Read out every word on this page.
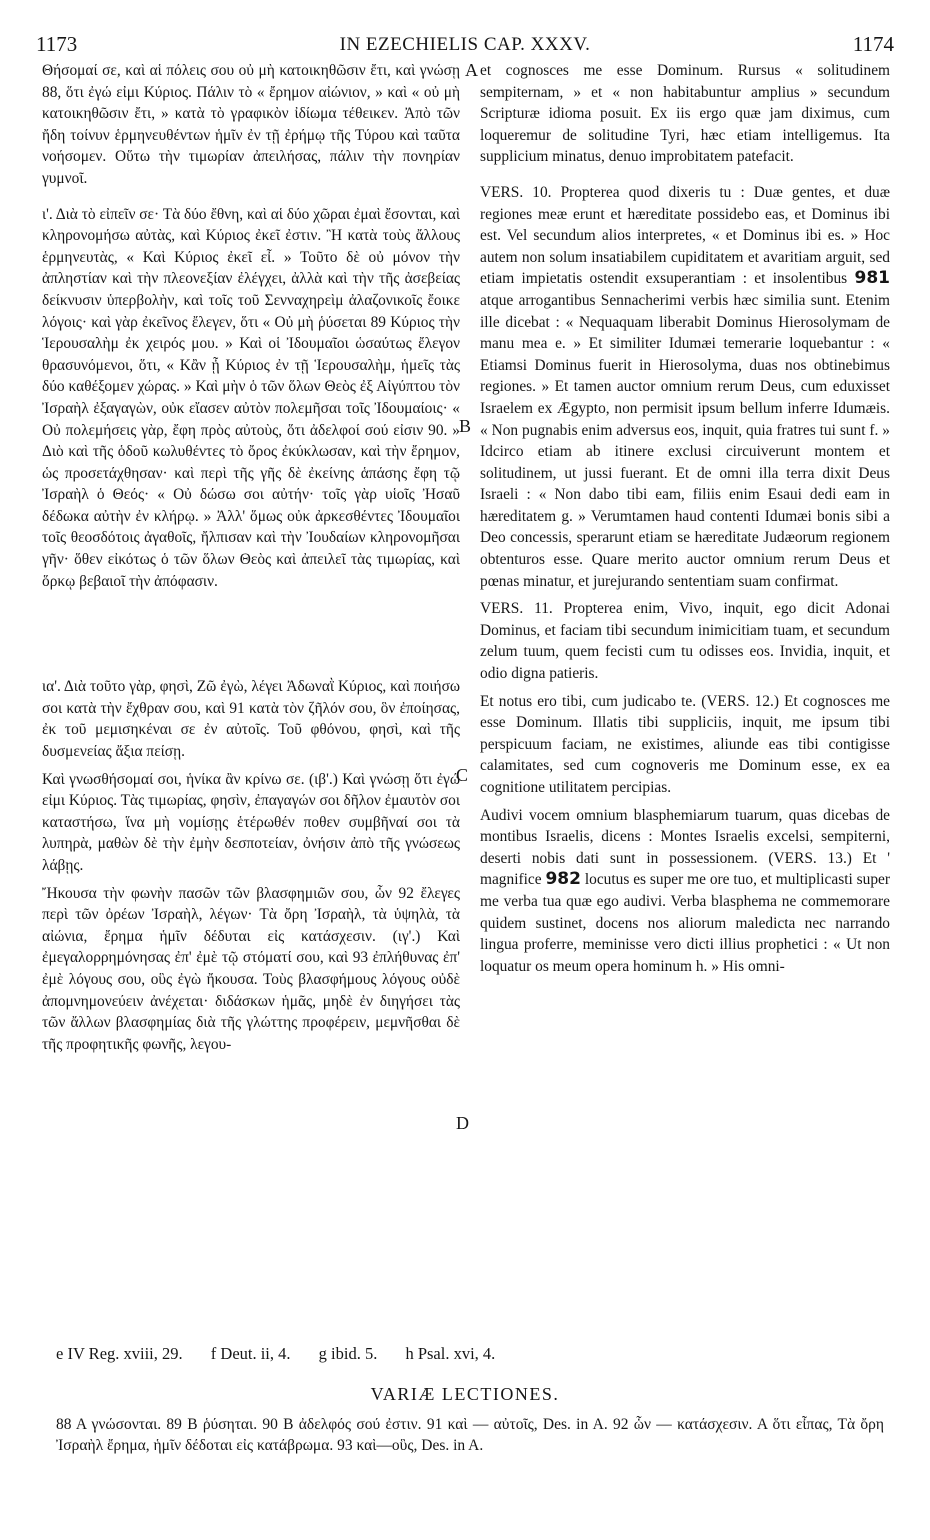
1173	IN EZECHIELIS CAP. XXXV.	1174
A
B
C
D

Θήσομαί σε, καὶ αἱ πόλεις σου οὐ μὴ κατοικηθῶσιν ἔτι, καὶ γνώσῃ 88, ὅτι ἐγώ εἰμι Κύριος. Πάλιν τὸ « ἔρημον αἰώνιον, » καὶ « οὐ μὴ κατοικηθῶσιν ἔτι, » κατὰ τὸ γραφικὸν ἰδίωμα τέθεικεν. Ἀπὸ τῶν ἤδη τοίνυν ἑρμηνευθέντων ἡμῖν ἐν τῇ ἐρήμῳ τῆς Τύρου καὶ ταῦτα νοήσομεν. Οὕτω τὴν τιμωρίαν ἀπειλήσας, πάλιν τὴν πονηρίαν γυμνοῖ.

ι'. Διὰ τὸ εἰπεῖν σε· Τὰ δύο ἔθνη, καὶ αἱ δύο χῶραι ἐμαὶ ἔσονται, καὶ κληρονομήσω αὐτὰς, καὶ Κύριος ἐκεῖ ἐστιν. Ἢ κατὰ τοὺς ἄλλους ἑρμηνευτὰς, « Καὶ Κύριος ἐκεῖ εἶ. » Τοῦτο δὲ οὐ μόνον τὴν ἀπληστίαν καὶ τὴν πλεονεξίαν ἐλέγχει, ἀλλὰ καὶ τὴν τῆς ἀσεβείας δείκνυσιν ὑπερβολὴν, καὶ τοῖς τοῦ Σενναχηρεὶμ ἀλαζονικοῖς ἔοικε λόγοις· καὶ γὰρ ἐκεῖνος ἔλεγεν, ὅτι « Οὐ μὴ ῥύσεται 89 Κύριος τὴν Ἱερουσαλὴμ ἐκ χειρός μου. » Καὶ οἱ Ἰδουμαῖοι ὡσαύτως ἔλεγον θρασυνόμενοι, ὅτι, « Κἂν ᾖ Κύριος ἐν τῇ Ἱερουσαλὴμ, ἡμεῖς τὰς δύο καθέξομεν χώρας. » Καὶ μὴν ὁ τῶν ὅλων Θεὸς ἐξ Αἰγύπτου τὸν Ἰσραὴλ ἐξαγαγὼν, οὐκ εἴασεν αὐτὸν πολεμῆσαι τοῖς Ἰδουμαίοις· « Οὐ πολεμήσεις γὰρ, ἔφη πρὸς αὐτοὺς, ὅτι ἀδελφοί σού εἰσιν 90. » Διὸ καὶ τῆς ὁδοῦ κωλυθέντες τὸ ὄρος ἐκύκλωσαν, καὶ τὴν ἔρημον, ὡς προσετάχθησαν· καὶ περὶ τῆς γῆς δὲ ἐκείνης ἁπάσης ἔφη τῷ Ἰσραὴλ ὁ Θεός· « Οὐ δώσω σοι αὐτήν· τοῖς γὰρ υἱοῖς Ἠσαῦ δέδωκα αὐτὴν ἐν κλήρῳ. » Ἀλλ' ὅμως οὐκ ἀρκεσθέντες Ἰδουμαῖοι τοῖς θεοσδότοις ἀγαθοῖς, ἤλπισαν καὶ τὴν Ἰουδαίων κληρονομῆσαι γῆν· ὅθεν εἰκότως ὁ τῶν ὅλων Θεὸς καὶ ἀπειλεῖ τὰς τιμωρίας, καὶ ὅρκῳ βεβαιοῖ τὴν ἀπόφασιν.

ια'. Διὰ τοῦτο γὰρ, φησὶ, Ζῶ ἐγὼ, λέγει Ἀδωναῒ Κύριος, καὶ ποιήσω σοι κατὰ τὴν ἔχθραν σου, καὶ 91 κατὰ τὸν ζῆλόν σου, ὃν ἐποίησας, ἐκ τοῦ μεμισηκέναι σε ἐν αὐτοῖς. Τοῦ φθόνου, φησὶ, καὶ τῆς δυσμενείας ἄξια πείσῃ.

Καὶ γνωσθήσομαί σοι, ἡνίκα ἂν κρίνω σε. (ιβ'.) Καὶ γνώσῃ ὅτι ἐγώ εἰμι Κύριος. Τὰς τιμωρίας, φησὶν, ἐπαγαγών σοι δῆλον ἐμαυτὸν σοι καταστήσω, ἵνα μὴ νομίσῃς ἑτέρωθέν ποθεν συμβῆναί σοι τὰ λυπηρὰ, μαθὼν δὲ τὴν ἐμὴν δεσποτείαν, ὀνήσιν ἀπὸ τῆς γνώσεως λάβῃς.

Ἤκουσα τὴν φωνὴν πασῶν τῶν βλασφημιῶν σου, ὧν 92 ἔλεγες περὶ τῶν ὀρέων Ἰσραὴλ, λέγων· Τὰ ὄρη Ἰσραὴλ, τὰ ὑψηλὰ, τὰ αἰώνια, ἔρημα ἡμῖν δέδυται εἰς κατάσχεσιν. (ιγ'.) Καὶ ἐμεγαλορρημόνησας ἐπ' ἐμὲ τῷ στόματί σου, καὶ 93 ἐπλήθυνας ἐπ' ἐμὲ λόγους σου, οὓς ἐγὼ ἤκουσα. Τοὺς βλασφήμους λόγους οὐδὲ ἀπομνημονεύειν ἀνέχεται· διδάσκων ἡμᾶς, μηδὲ ἐν διηγήσει τὰς τῶν ἄλλων βλασφημίας διὰ τῆς γλώττης προφέρειν, μεμνῆσθαι δὲ τῆς προφητικῆς φωνῆς, λεγου-

et cognosces me esse Dominum. Rursus « solitudinem sempiternam, » et « non habitabuntur amplius » secundum Scripturæ idioma posuit. Ex iis ergo quæ jam diximus, cum loqueremur de solitudine Tyri, hæc etiam intelligemus. Ita supplicium minatus, denuo improbitatem patefacit.

VERS. 10. Propterea quod dixeris tu : Duæ gentes, et duæ regiones meæ erunt et hæreditate possidebo eas, et Dominus ibi est. Vel secundum alios interpretes, « et Dominus ibi es. » Hoc autem non solum insatiabilem cupiditatem et avaritiam arguit, sed etiam impietatis ostendit exsuperantiam : et insolentibus 981 atque arrogantibus Sennacherimi verbis hæc similia sunt. Etenim ille dicebat : « Nequaquam liberabit Dominus Hierosolymam de manu mea e. » Et similiter Idumæi temerarie loquebantur : « Etiamsi Dominus fuerit in Hierosolyma, duas nos obtinebimus regiones. » Et tamen auctor omnium rerum Deus, cum eduxisset Israelem ex Ægypto, non permisit ipsum bellum inferre Idumæis. « Non pugnabis enim adversus eos, inquit, quia fratres tui sunt f. » Idcirco etiam ab itinere exclusi circuiverunt montem et solitudinem, ut jussi fuerant. Et de omni illa terra dixit Deus Israeli : « Non dabo tibi eam, filiis enim Esaui dedi eam in hæreditatem g. » Verumtamen haud contenti Idumæi bonis sibi a Deo concessis, sperarunt etiam se hæreditate Judæorum regionem obtenturos esse. Quare merito auctor omnium rerum Deus et pœnas minatur, et jurejurando sententiam suam confirmat.

VERS. 11. Propterea enim, Vivo, inquit, ego dicit Adonai Dominus, et faciam tibi secundum inimicitiam tuam, et secundum zelum tuum, quem fecisti cum tu odisses eos. Invidia, inquit, et odio digna patieris.

Et notus ero tibi, cum judicabo te. (VERS. 12.) Et cognosces me esse Dominum. Illatis tibi suppliciis, inquit, me ipsum tibi perspicuum faciam, ne existimes, aliunde eas tibi contigisse calamitates, sed cum cognoveris me Dominum esse, ex ea cognitione utilitatem percipias.

Audivi vocem omnium blasphemiarum tuarum, quas dicebas de montibus Israelis, dicens : Montes Israelis excelsi, sempiterni, deserti nobis dati sunt in possessionem. (VERS. 13.) Et ' magnifice 982 locutus es super me ore tuo, et multiplicasti super me verba tua quæ ego audivi. Verba blasphema ne commemorare quidem sustinet, docens nos aliorum maledicta nec narrando lingua proferre, meminisse vero dicti illius prophetici : « Ut non loquatur os meum opera hominum h. » His omni-

e IV Reg. xviii, 29. f Deut. ii, 4. g ibid. 5. h Psal. xvi, 4.
VARIÆ LECTIONES.
88 Α γνώσονται. 89 Β ῥύσηται. 90 Β ἀδελφός σού ἐστιν. 91 καὶ — αὐτοῖς, Des. in A. 92 ὧν — κατάσχεσιν. Α ὅτι εἶπας, Τὰ ὄρη Ἰσραὴλ ἔρημα, ἡμῖν δέδοται εἰς κατάβρωμα. 93 καὶ—οὓς, Des. in A.
